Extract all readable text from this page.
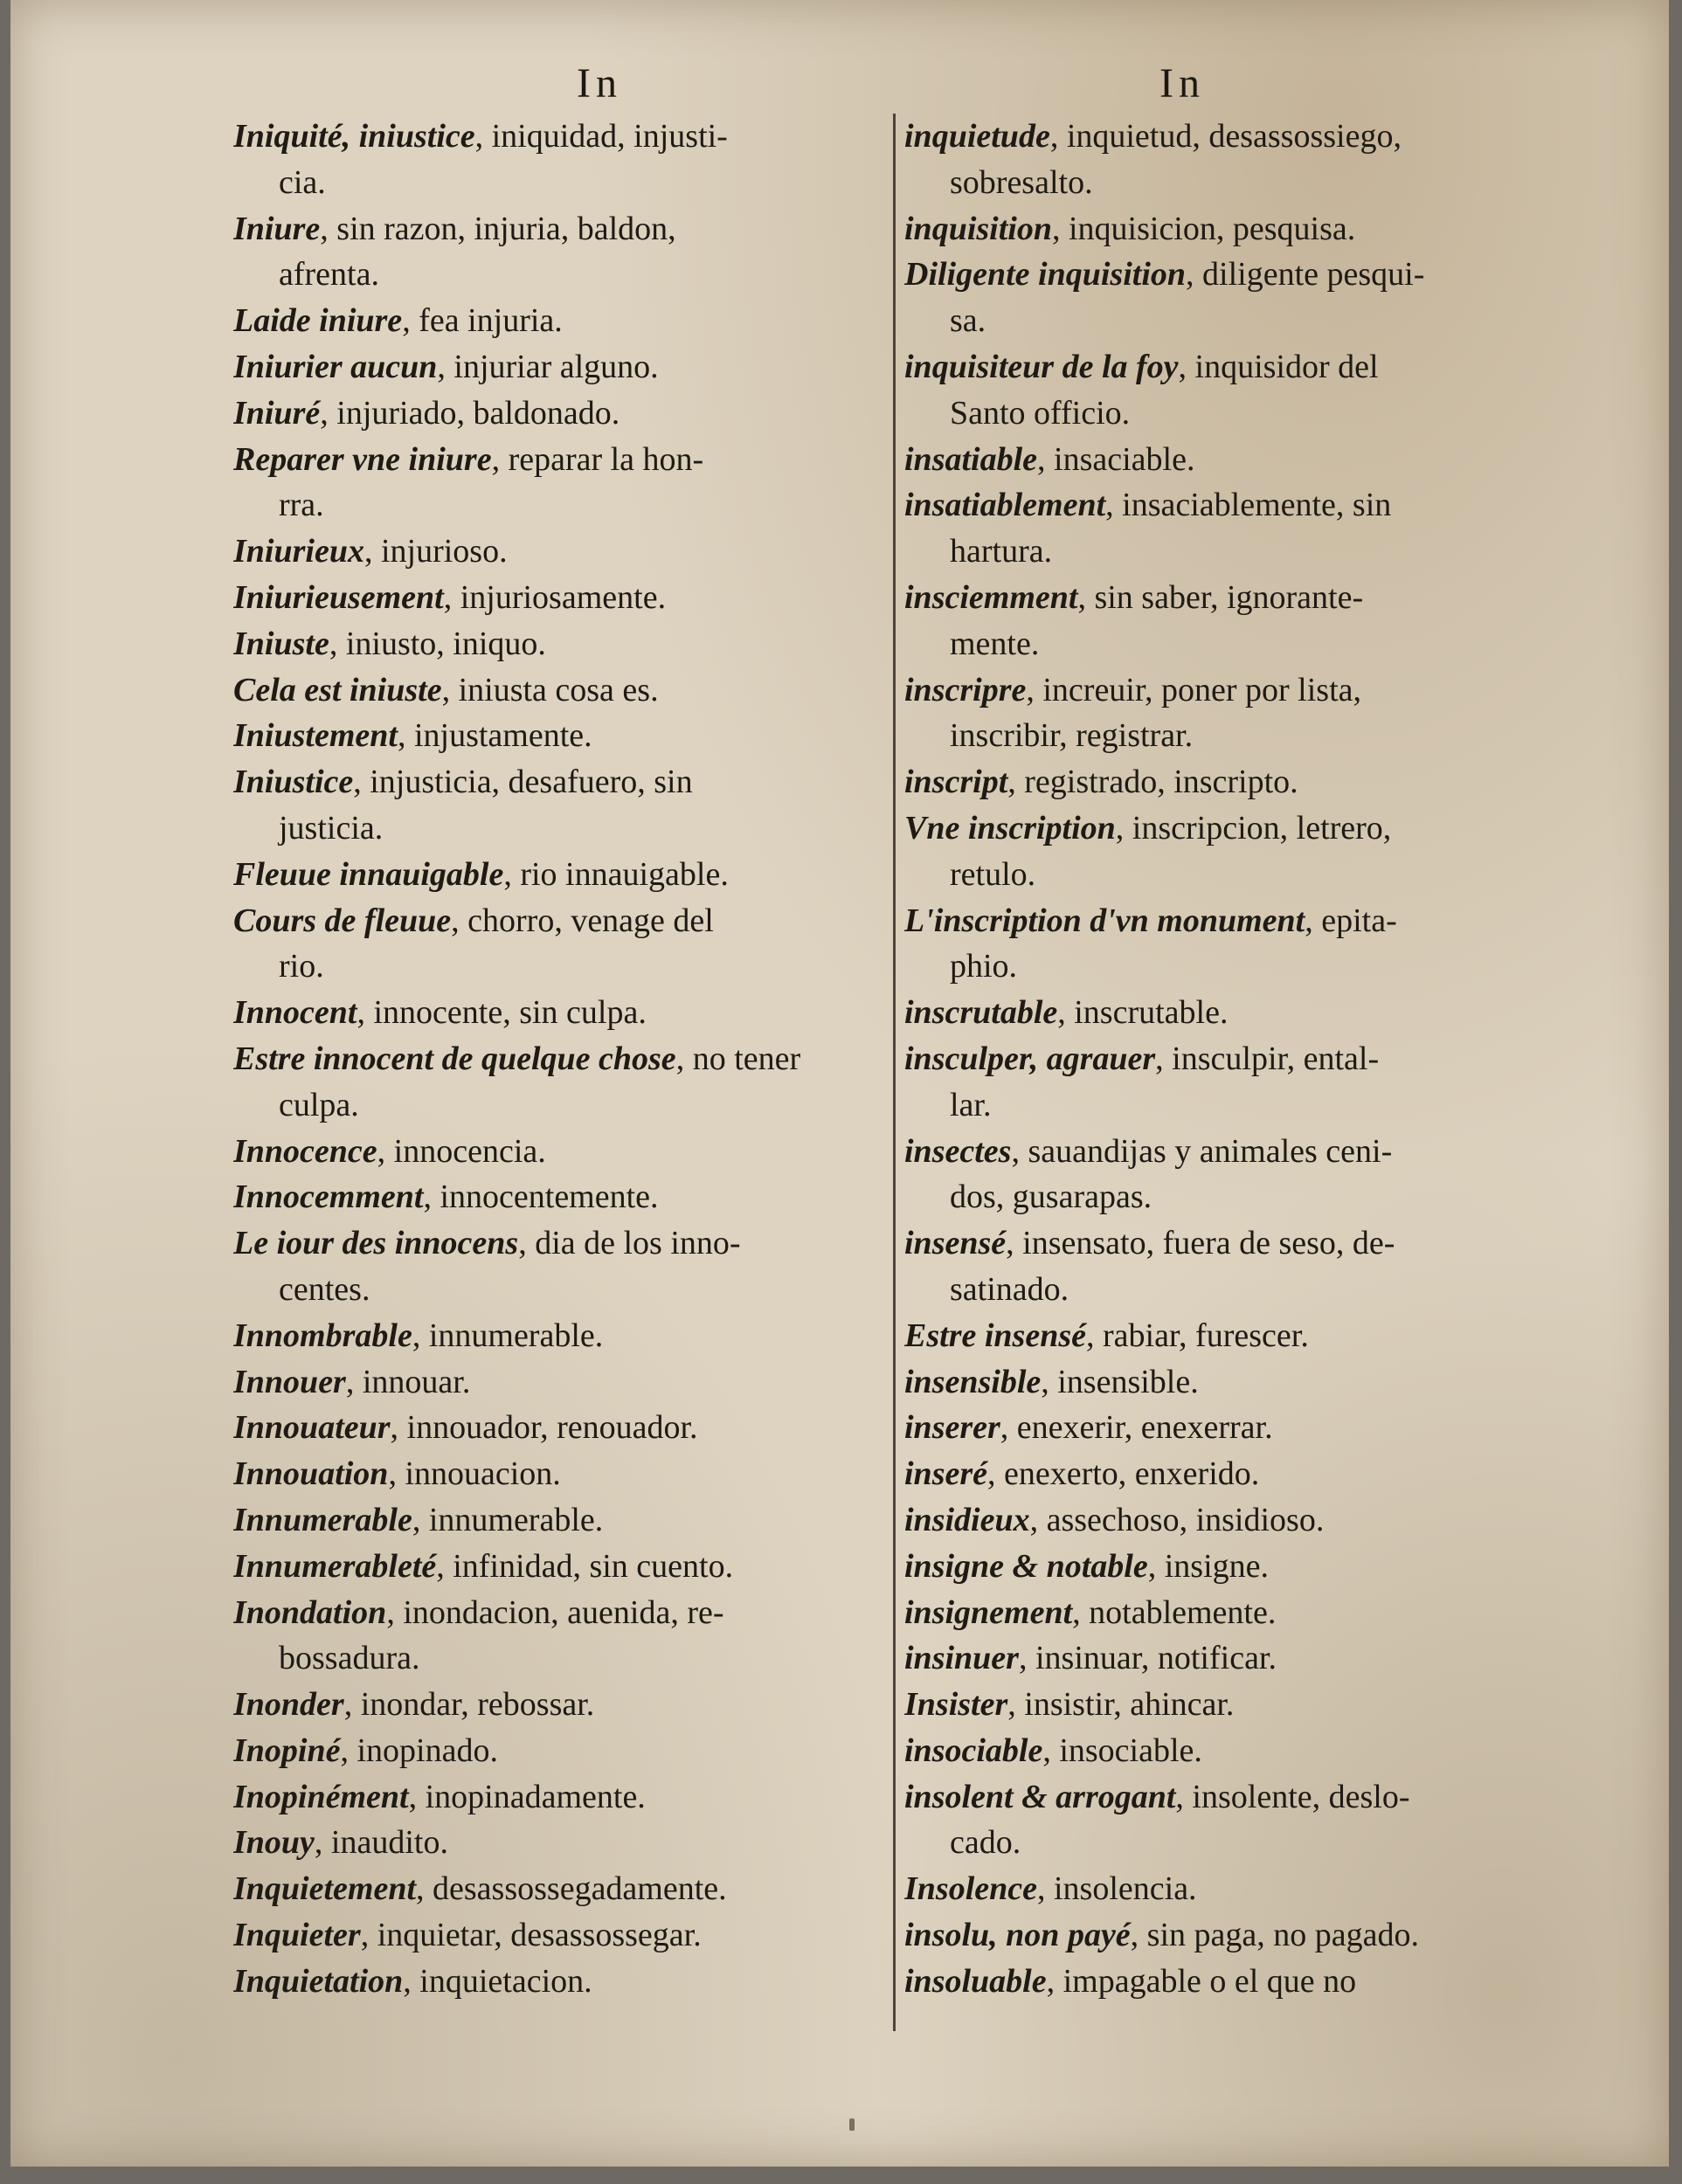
In	In
Iniquité, iniustice, iniquidad, injusti-
cia.
Iniure, sin razon, injuria, baldon,
afrenta.
Laide iniure, fea injuria.
Iniurier aucun, injuriar alguno.
Iniuré, injuriado, baldonado.
Reparer vne iniure, reparar la hon-
rra.
Iniurieux, injurioso.
Iniurieusement, injuriosamente.
Iniuste, iniusto, iniquo.
Cela est iniuste, iniusta cosa es.
Iniustement, injustamente.
Iniustice, injusticia, desafuero, sin
justicia.
Fleuue innauigable, rio innauigable.
Cours de fleuue, chorro, venage del
rio.
Innocent, innocente, sin culpa.
Estre innocent de quelque chose, no tener
culpa.
Innocence, innocencia.
Innocemment, innocentemente.
Le iour des innocens, dia de los inno-
centes.
Innombrable, innumerable.
Innouer, innouar.
Innouateur, innouador, renouador.
Innouation, innouacion.
Innumerable, innumerable.
Innumerableté, infinidad, sin cuento.
Inondation, inondacion, auenida, re-
bossadura.
Inonder, inondar, rebossar.
Inopiné, inopinado.
Inopinément, inopinadamente.
Inouy, inaudito.
Inquietement, desassossegadamente.
Inquieter, inquietar, desassossegar.
Inquietation, inquietacion.
inquietude, inquietud, desassossiego,
sobresalto.
inquisition, inquisicion, pesquisa.
Diligente inquisition, diligente pesqui-
sa.
inquisiteur de la foy, inquisidor del
Santo officio.
insatiable, insaciable.
insatiablement, insaciablemente, sin
hartura.
insciemment, sin saber, ignorante-
mente.
inscripre, increuir, poner por lista,
inscribir, registrar.
inscript, registrado, inscripto.
Vne inscription, inscripcion, letrero,
retulo.
L'inscription d'vn monument, epita-
phio.
inscrutable, inscrutable.
insculper, agrauer, insculpir, ental-
lar.
insectes, sauandijas y animales ceni-
dos, gusarapas.
insensé, insensato, fuera de seso, de-
satinado.
Estre insensé, rabiar, furescer.
insensible, insensible.
inserer, enexerir, enexerrar.
inseré, enexerto, enxerido.
insidieux, assechoso, insidioso.
insigne & notable, insigne.
insignement, notablemente.
insinuer, insinuar, notificar.
Insister, insistir, ahincar.
insociable, insociable.
insolent & arrogant, insolente, deslo-
cado.
Insolence, insolencia.
insolu, non payé, sin paga, no pagado.
insoluable, impagable o el que no
